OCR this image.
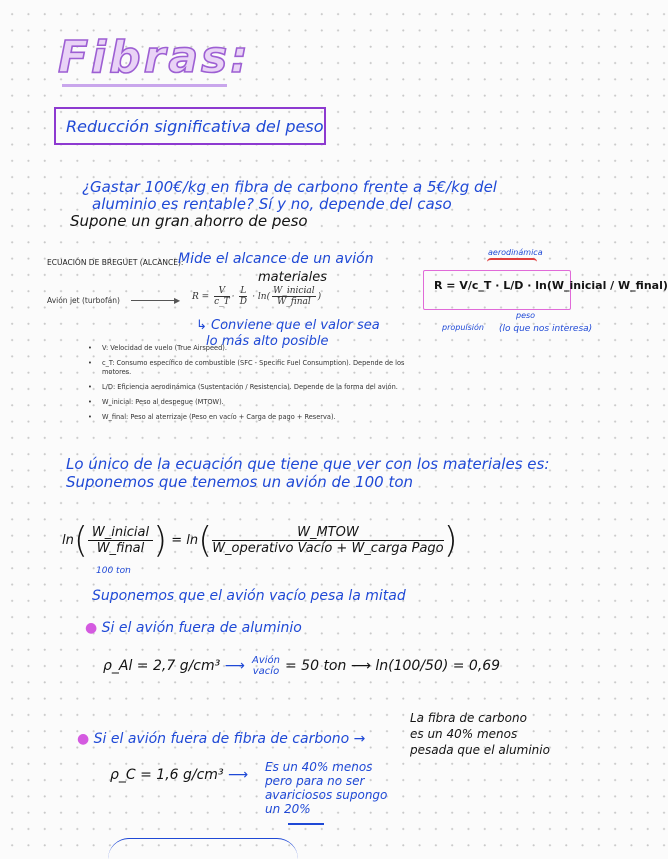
Fibras:
Reducción significativa del peso
¿Gastar 100€/kg en fibra de carbono frente a 5€/kg del
aluminio es rentable? Sí y no, depende del caso
Supone un gran ahorro de peso
ECUACIÓN DE BREGUET (ALCANCE):
Mide el alcance de un avión
materiales
Avión jet (turbofán)	▶ $R = \frac{V}{c\_T} \cdot \frac{L}{D} \cdot \ln$(
W_inicial
W_final )
↳ Conviene que el valor sea
lo más alto posible
• V: Velocidad de vuelo (True Airspeed).
• c_T: Consumo específico de combustible (SFC - Specific Fuel Consumption). Depende de los motores.
• L/D: Eficiencia aerodinámica (Sustentación / Resistencia). Depende de la forma del avión.
• W_inicial: Peso al despegue (MTOW).
• W_final: Peso al aterrizaje (Peso en vacío + Carga de pago + Reserva).
aerodinámica
R = V/c_T · L/D · ln(W_inicial / W_final)
propulsión
peso
(lo que nos interesa)
Lo único de la ecuación que tiene que ver con los materiales es:
Suponemos que tenemos un avión de 100 ton
ln( W_inicial
W_final ) = ln(	W_MTOW
W_operativo Vacío + W_carga Pago )
100 ton
Suponemos que el avión vacío pesa la mitad
● Si el avión fuera de aluminio
ρ_Al = 2,7 g/cm³ ⟶ Avión vacío = 50 ton ⟶ ln(100/50) = 0,69
● Si el avión fuera de fibra de carbono →
La fibra de carbono
es un 40% menos
pesada que el aluminio
ρ_C = 1,6 g/cm³ ⟶ Es un 40% menos
pero para no ser
avariciosos supongo
un 20%
